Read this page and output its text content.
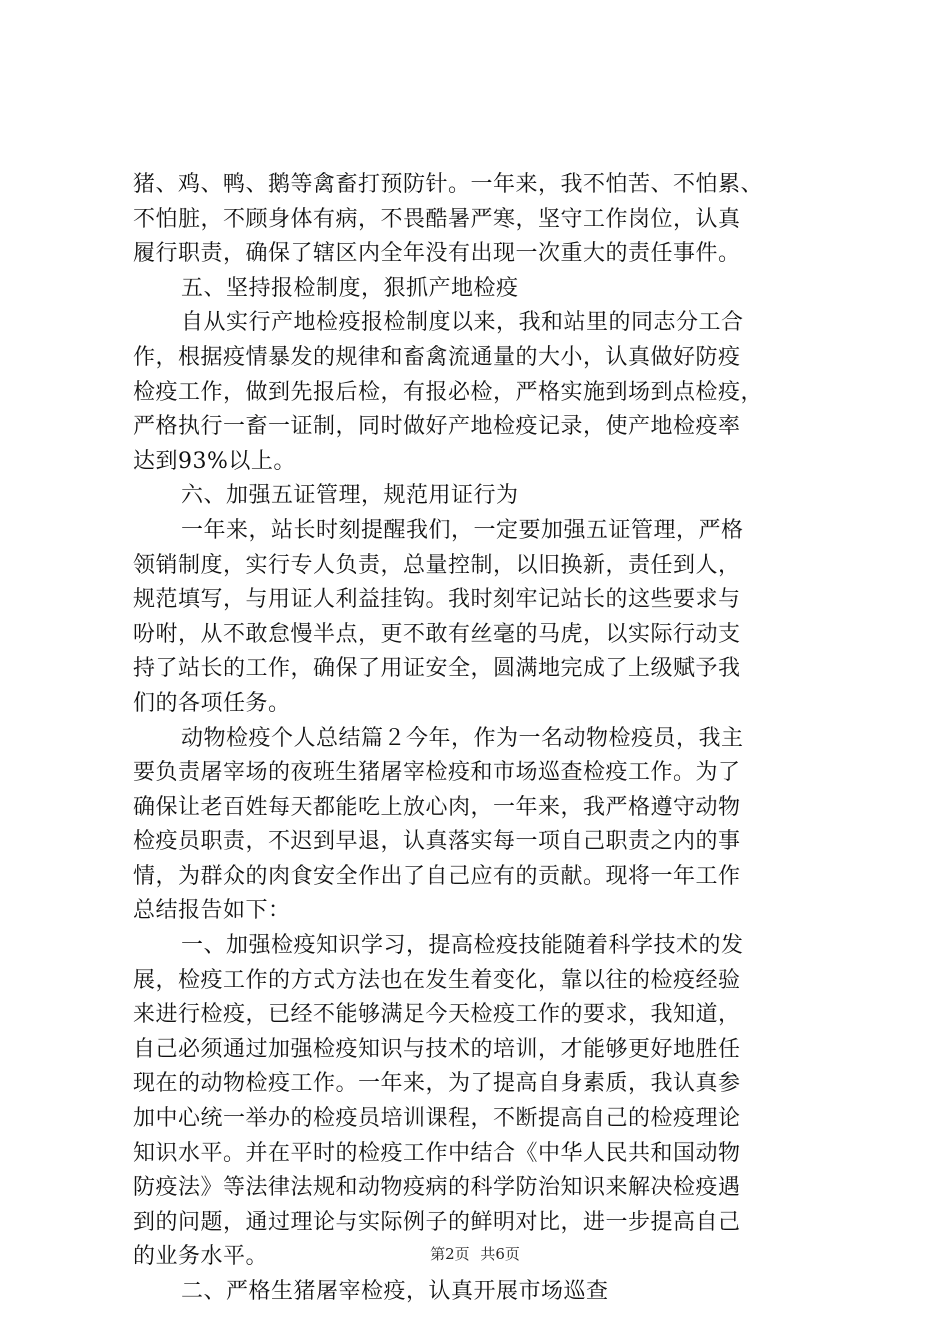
猪、鸡、鸭、鹅等禽畜打预防针。一年来，我不怕苦、不怕累、
不怕脏，不顾身体有病，不畏酷暑严寒，坚守工作岗位，认真
履行职责，确保了辖区内全年没有出现一次重大的责任事件。
五、坚持报检制度，狠抓产地检疫
自从实行产地检疫报检制度以来，我和站里的同志分工合
作，根据疫情暴发的规律和畜禽流通量的大小，认真做好防疫
检疫工作，做到先报后检，有报必检，严格实施到场到点检疫，
严格执行一畜一证制，同时做好产地检疫记录，使产地检疫率
达到93%以上。
六、加强五证管理，规范用证行为
一年来，站长时刻提醒我们，一定要加强五证管理，严格
领销制度，实行专人负责，总量控制，以旧换新，责任到人，
规范填写，与用证人利益挂钩。我时刻牢记站长的这些要求与
吩咐，从不敢怠慢半点，更不敢有丝毫的马虎，以实际行动支
持了站长的工作，确保了用证安全，圆满地完成了上级赋予我
们的各项任务。
动物检疫个人总结篇２今年，作为一名动物检疫员，我主
要负责屠宰场的夜班生猪屠宰检疫和市场巡查检疫工作。为了
确保让老百姓每天都能吃上放心肉，一年来，我严格遵守动物
检疫员职责，不迟到早退，认真落实每一项自己职责之内的事
情，为群众的肉食安全作出了自己应有的贡献。现将一年工作
总结报告如下：
一、加强检疫知识学习，提高检疫技能随着科学技术的发
展，检疫工作的方式方法也在发生着变化，靠以往的检疫经验
来进行检疫，已经不能够满足今天检疫工作的要求，我知道，
自己必须通过加强检疫知识与技术的培训，才能够更好地胜任
现在的动物检疫工作。一年来，为了提高自身素质，我认真参
加中心统一举办的检疫员培训课程，不断提高自己的检疫理论
知识水平。并在平时的检疫工作中结合《中华人民共和国动物
防疫法》等法律法规和动物疫病的科学防治知识来解决检疫遇
到的问题，通过理论与实际例子的鲜明对比，进一步提高自己
的业务水平。
二、严格生猪屠宰检疫，认真开展市场巡查
第2页 共6页
